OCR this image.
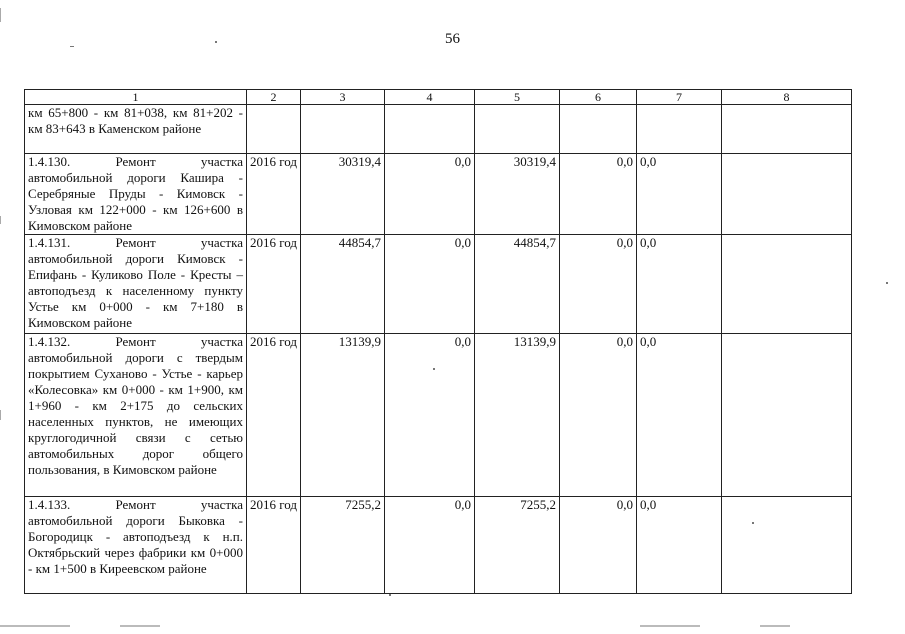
56
1	2	3	4	5	6	7	8
км 65+800 - км 81+038, км 81+202 - км 83+643 в Каменском районе							
1.4.130. Ремонт участка автомобильной дороги Кашира - Серебряные Пруды - Кимовск - Узловая км 122+000 - км 126+600 в Кимовском районе	2016 год	30319,4	0,0	30319,4	0,0	0,0	
1.4.131. Ремонт участка автомобильной дороги Кимовск - Епифань - Куликово Поле - Кресты – автоподъезд к населенному пункту Устье км 0+000 - км 7+180 в Кимовском районе	2016 год	44854,7	0,0	44854,7	0,0	0,0	
1.4.132. Ремонт участка автомобильной дороги с твердым покрытием Суханово - Устье - карьер «Колесовка» км 0+000 - км 1+900, км 1+960 - км 2+175 до сельских населенных пунктов, не имеющих круглогодичной связи с сетью автомобильных дорог общего пользования, в Кимовском районе	2016 год	13139,9	0,0	13139,9	0,0	0,0	
1.4.133. Ремонт участка автомобильной дороги Быковка - Богородицк - автоподъезд к н.п. Октябрьский через фабрики км 0+000 - км 1+500 в Киреевском районе	2016 год	7255,2	0,0	7255,2	0,0	0,0	
